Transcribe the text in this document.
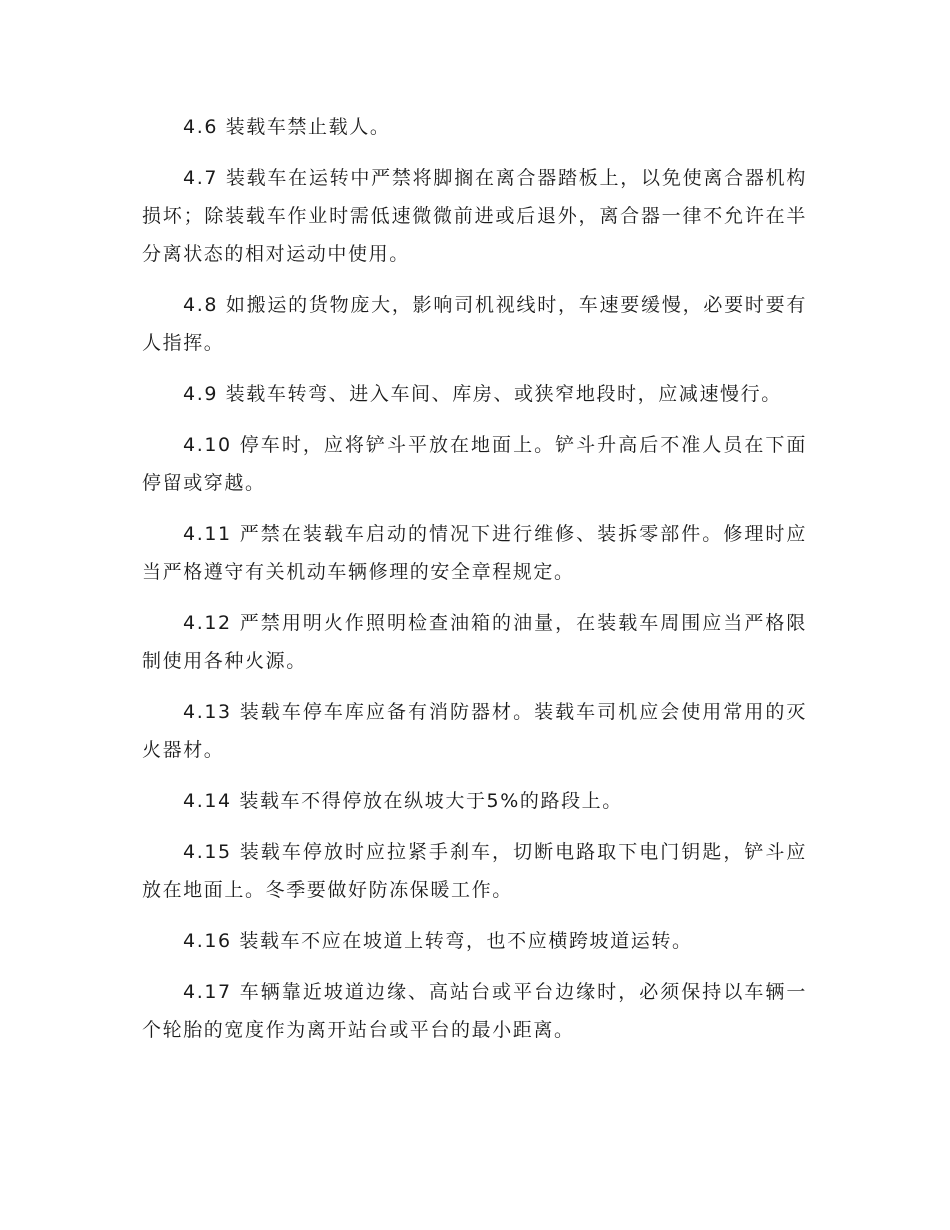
4.6 装载车禁止载人。

4.7 装载车在运转中严禁将脚搁在离合器踏板上，以免使离合器机构损坏；除装载车作业时需低速微微前进或后退外，离合器一律不允许在半分离状态的相对运动中使用。

4.8 如搬运的货物庞大，影响司机视线时，车速要缓慢，必要时要有人指挥。

4.9 装载车转弯、进入车间、库房、或狭窄地段时，应减速慢行。

4.10 停车时，应将铲斗平放在地面上。铲斗升高后不准人员在下面停留或穿越。

4.11 严禁在装载车启动的情况下进行维修、装拆零部件。修理时应当严格遵守有关机动车辆修理的安全章程规定。

4.12 严禁用明火作照明检查油箱的油量，在装载车周围应当严格限制使用各种火源。

4.13 装载车停车库应备有消防器材。装载车司机应会使用常用的灭火器材。

4.14 装载车不得停放在纵坡大于5%的路段上。

4.15 装载车停放时应拉紧手刹车，切断电路取下电门钥匙，铲斗应放在地面上。冬季要做好防冻保暖工作。

4.16 装载车不应在坡道上转弯，也不应横跨坡道运转。

4.17 车辆靠近坡道边缘、高站台或平台边缘时，必须保持以车辆一个轮胎的宽度作为离开站台或平台的最小距离。
